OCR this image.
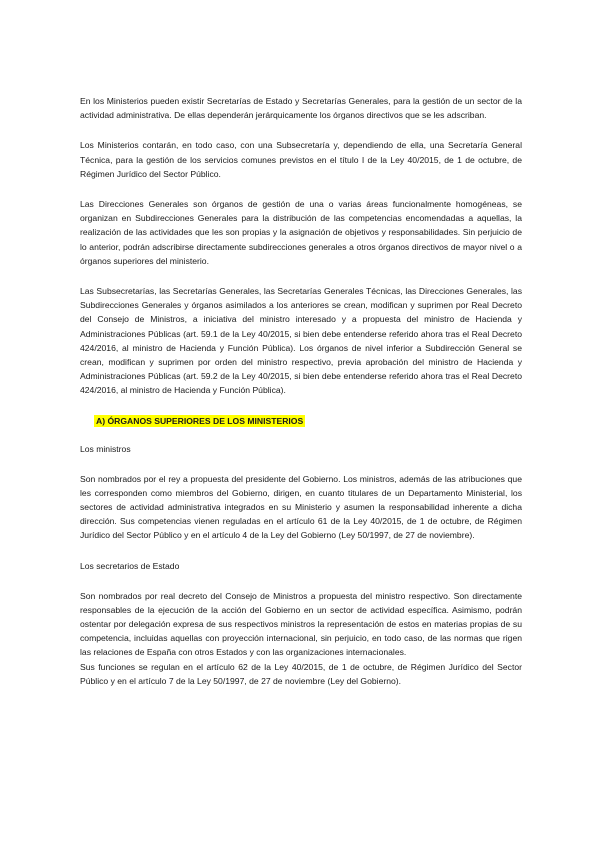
En los Ministerios pueden existir Secretarías de Estado y Secretarías Generales, para la gestión de un sector de la actividad administrativa. De ellas dependerán jerárquicamente los órganos directivos que se les adscriban.

Los Ministerios contarán, en todo caso, con una Subsecretaría y, dependiendo de ella, una Secretaría General Técnica, para la gestión de los servicios comunes previstos en el título I de la Ley 40/2015, de 1 de octubre, de Régimen Jurídico del Sector Público.

Las Direcciones Generales son órganos de gestión de una o varias áreas funcionalmente homogéneas, se organizan en Subdirecciones Generales para la distribución de las competencias encomendadas a aquellas, la realización de las actividades que les son propias y la asignación de objetivos y responsabilidades. Sin perjuicio de lo anterior, podrán adscribirse directamente subdirecciones generales a otros órganos directivos de mayor nivel o a órganos superiores del ministerio.

Las Subsecretarías, las Secretarías Generales, las Secretarías Generales Técnicas, las Direcciones Generales, las Subdirecciones Generales y órganos asimilados a los anteriores se crean, modifican y suprimen por Real Decreto del Consejo de Ministros, a iniciativa del ministro interesado y a propuesta del ministro de Hacienda y Administraciones Públicas (art. 59.1 de la Ley 40/2015, si bien debe entenderse referido ahora tras el Real Decreto 424/2016, al ministro de Hacienda y Función Pública). Los órganos de nivel inferior a Subdirección General se crean, modifican y suprimen por orden del ministro respectivo, previa aprobación del ministro de Hacienda y Administraciones Públicas (art. 59.2 de la Ley 40/2015, si bien debe entenderse referido ahora tras el Real Decreto 424/2016, al ministro de Hacienda y Función Pública).

A) ÓRGANOS SUPERIORES DE LOS MINISTERIOS
Los ministros

Son nombrados por el rey a propuesta del presidente del Gobierno. Los ministros, además de las atribuciones que les corresponden como miembros del Gobierno, dirigen, en cuanto titulares de un Departamento Ministerial, los sectores de actividad administrativa integrados en su Ministerio y asumen la responsabilidad inherente a dicha dirección. Sus competencias vienen reguladas en el artículo 61 de la Ley 40/2015, de 1 de octubre, de Régimen Jurídico del Sector Público y en el artículo 4 de la Ley del Gobierno (Ley 50/1997, de 27 de noviembre).

Los secretarios de Estado

Son nombrados por real decreto del Consejo de Ministros a propuesta del ministro respectivo. Son directamente responsables de la ejecución de la acción del Gobierno en un sector de actividad específica. Asimismo, podrán ostentar por delegación expresa de sus respectivos ministros la representación de estos en materias propias de su competencia, incluidas aquellas con proyección internacional, sin perjuicio, en todo caso, de las normas que rigen las relaciones de España con otros Estados y con las organizaciones internacionales.

Sus funciones se regulan en el artículo 62 de la Ley 40/2015, de 1 de octubre, de Régimen Jurídico del Sector Público y en el artículo 7 de la Ley 50/1997, de 27 de noviembre (Ley del Gobierno).
